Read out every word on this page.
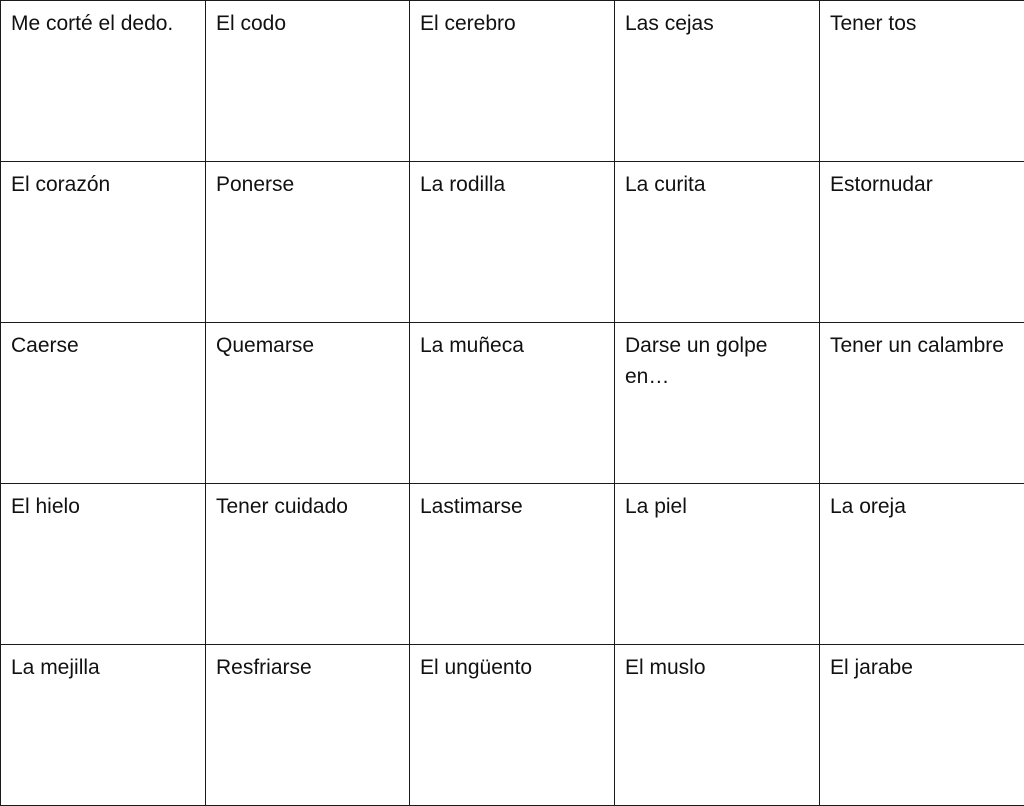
Me corté el dedo.	El codo	El cerebro	Las cejas	Tener tos
El corazón	Ponerse	La rodilla	La curita	Estornudar
Caerse	Quemarse	La muñeca	Darse un golpe en…	Tener un calambre
El hielo	Tener cuidado	Lastimarse	La piel	La oreja
La mejilla	Resfriarse	El ungüento	El muslo	El jarabe
